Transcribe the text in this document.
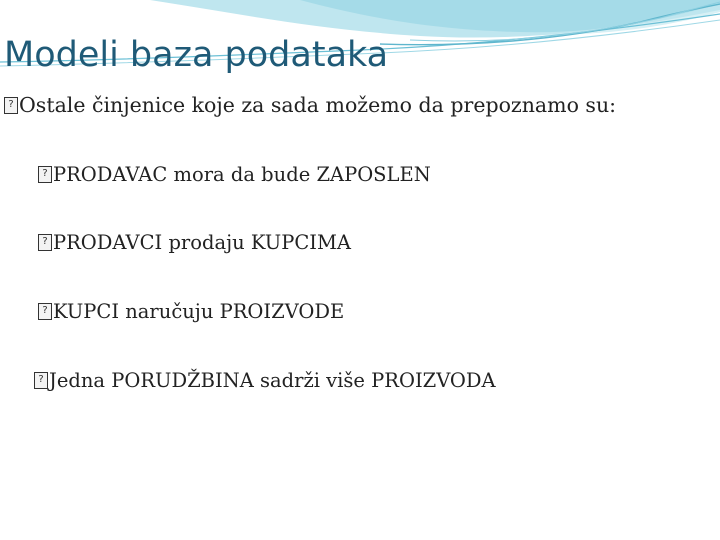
Modeli baza podataka
?Ostale činjenice koje za sada možemo da prepoznamo su:
?PRODAVAC mora da bude ZAPOSLEN
?PRODAVCI prodaju KUPCIMA
?KUPCI naručuju PROIZVODE
?Jedna PORUDŽBINA sadrži više PROIZVODA
